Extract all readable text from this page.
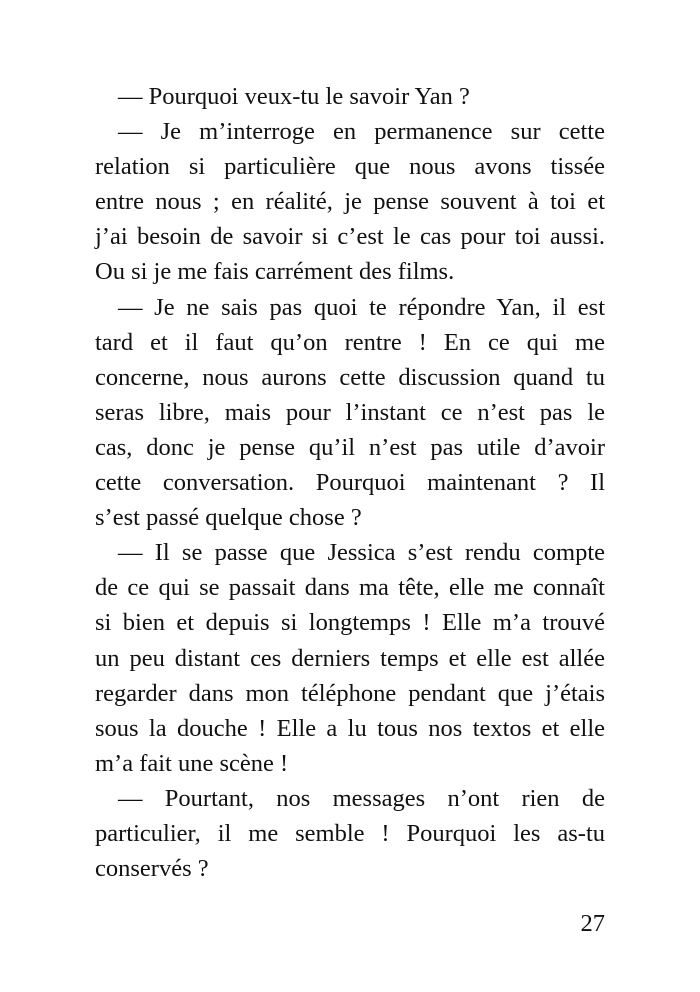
— Pourquoi veux-tu le savoir Yan ?
— Je m’interroge en permanence sur cette
relation si particulière que nous avons tissée
entre nous ; en réalité, je pense souvent à toi et
j’ai besoin de savoir si c’est le cas pour toi aussi.
Ou si je me fais carrément des films.
— Je ne sais pas quoi te répondre Yan, il est
tard et il faut qu’on rentre ! En ce qui me
concerne, nous aurons cette discussion quand tu
seras libre, mais pour l’instant ce n’est pas le
cas, donc je pense qu’il n’est pas utile d’avoir
cette conversation. Pourquoi maintenant ? Il
s’est passé quelque chose ?
— Il se passe que Jessica s’est rendu compte
de ce qui se passait dans ma tête, elle me connaît
si bien et depuis si longtemps ! Elle m’a trouvé
un peu distant ces derniers temps et elle est allée
regarder dans mon téléphone pendant que j’étais
sous la douche ! Elle a lu tous nos textos et elle
m’a fait une scène !
— Pourtant, nos messages n’ont rien de
particulier, il me semble ! Pourquoi les as-tu
conservés ?
27
